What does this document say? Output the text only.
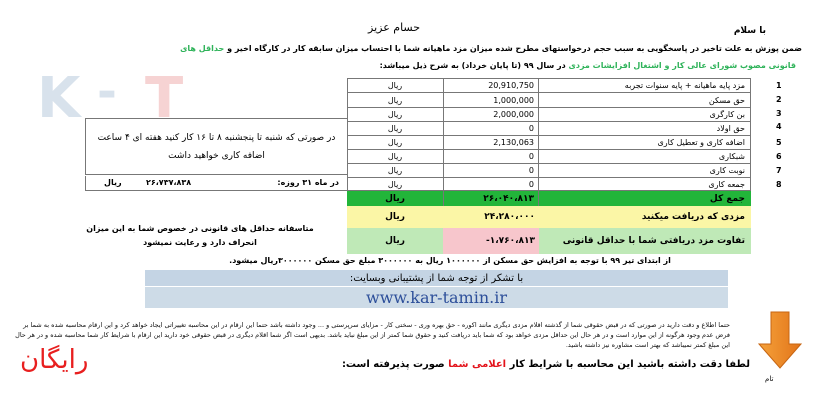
با سلام
حسام عزیز
ضمن پوزش به علت تاخیر در پاسخگویی به سبب حجم درخواستهای مطرح شده میزان مزد ماهیانه شما با احتساب میزان سابقه کار در کارگاه اخیر و حداقل های
قانونی مصوب شورای عالی کار و اشتغال افزایشات مزدی در سال ۹۹ (تا پایان خرداد) به شرح ذیل میباشد:
K - T	مزد پایه ماهیانه + پایه سنوات تجربه
20,910,750
ریال
حق مسکن
1,000,000
ریال
بن کارگری
2,000,000
ریال
حق اولاد
0
ریال
اضافه کاری و تعطیل کاری
2,130,063
ریال
شبکاری
0
ریال
نوبت کاری
0
ریال
جمعه کاری
0
ریال
1
2
3
4
5
6
7
8
در صورتی که شنبه تا پنجشنبه ۸ تا ۱۶ کار کنید هفته ای ۴ ساعت اضافه کاری خواهید داشت
در ماه ۳۱ روزه:
۲۶،۷۳۷،۸۳۸
ریال
جمع کل
۲۶،۰۴۰،۸۱۳
ریال
مزدی که دریافت میکنید
۲۴،۲۸۰،۰۰۰
ریال
تفاوت مزد دریافتی شما با حداقل قانونی
-۱،۷۶۰،۸۱۳
ریال
متاسفانه حداقل های قانونی در خصوص شما به این میزان انحراف دارد و رعایت نمیشود
از ابتدای تیر ۹۹ با توجه به افزایش حق مسکن از ۱۰۰۰۰۰۰ ریال به ۳۰۰۰۰۰۰ مبلغ حق مسکن ۳۰۰۰۰۰۰ریال میشود.
با تشکر از توجه شما از پشتیبانی وبسایت:
www.kar-tamin.ir
حتما اطلاع و دقت دارید در صورتی که در قبض حقوقی شما از گذشته اقلام مزدی دیگری مانند اکوره - حق بهره وری - سختی کار - مزایای سرپرستی و ... وجود داشته باشد حتما این ارقام در این محاسبه تغییراتی ایجاد خواهد کرد و این ارقام محاسبه شده به شما بر فرض عدم وجود هرگونه از این موارد است و در هر حال این حداقل مزدی خواهد بود که شما باید دریافت کنید و حقوق شما کمتر از این مبلغ نباید باشد. بدیهی است اگر شما اقلام دیگری در قبض حقوقی خود دارید این ارقام با شرایط کار شما محاسبه شده و در هر حال این مبلغ کمتر نمیباشد که بهتر است مشاوره نیز داشته باشید.
لطفا دقت داشته باشید این محاسبه با شرایط کار اعلامی شما صورت پذیرفته است:
رایگان
تام
